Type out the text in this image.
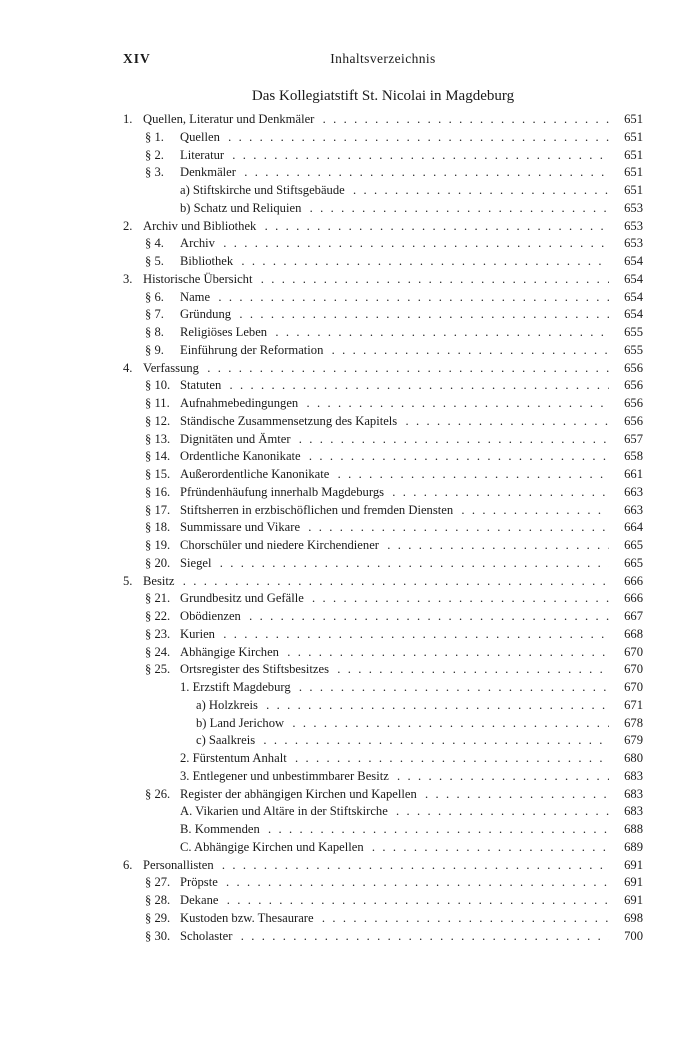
XIV	Inhaltsverzeichnis
Das Kollegiatstift St. Nicolai in Magdeburg
1. Quellen, Literatur und Denkmäler . . .	651
§ 1. Quellen . . .	651
§ 2. Literatur . . .	651
§ 3. Denkmäler . . .	651
a) Stiftskirche und Stiftsgebäude . . .	651
b) Schatz und Reliquien . . .	653
2. Archiv und Bibliothek . . .	653
§ 4. Archiv . . .	653
§ 5. Bibliothek . . .	654
3. Historische Übersicht . . .	654
§ 6. Name . . .	654
§ 7. Gründung . . .	654
§ 8. Religiöses Leben . . .	655
§ 9. Einführung der Reformation . . .	655
4. Verfassung . . .	656
§ 10. Statuten . . .	656
§ 11. Aufnahmebedingungen . . .	656
§ 12. Ständische Zusammensetzung des Kapitels . . .	656
§ 13. Dignitäten und Ämter . . .	657
§ 14. Ordentliche Kanonikate . . .	658
§ 15. Außerordentliche Kanonikate . . .	661
§ 16. Pfründenhäufung innerhalb Magdeburgs . . .	663
§ 17. Stiftsherren in erzbischöflichen und fremden Diensten . . .	663
§ 18. Summissare und Vikare . . .	664
§ 19. Chorschüler und niedere Kirchendiener . . .	665
§ 20. Siegel . . .	665
5. Besitz . . .	666
§ 21. Grundbesitz und Gefälle . . .	666
§ 22. Obödienzen . . .	667
§ 23. Kurien . . .	668
§ 24. Abhängige Kirchen . . .	670
§ 25. Ortsregister des Stiftsbesitzes . . .	670
1. Erzstift Magdeburg . . .	670
a) Holzkreis . . .	671
b) Land Jerichow . . .	678
c) Saalkreis . . .	679
2. Fürstentum Anhalt . . .	680
3. Entlegener und unbestimmbarer Besitz . . .	683
§ 26. Register der abhängigen Kirchen und Kapellen . . .	683
A. Vikarien und Altäre in der Stiftskirche . . .	683
B. Kommenden . . .	688
C. Abhängige Kirchen und Kapellen . . .	689
6. Personallisten . . .	691
§ 27. Pröpste . . .	691
§ 28. Dekane . . .	691
§ 29. Kustoden bzw. Thesaurare . . .	698
§ 30. Scholaster . . .	700
